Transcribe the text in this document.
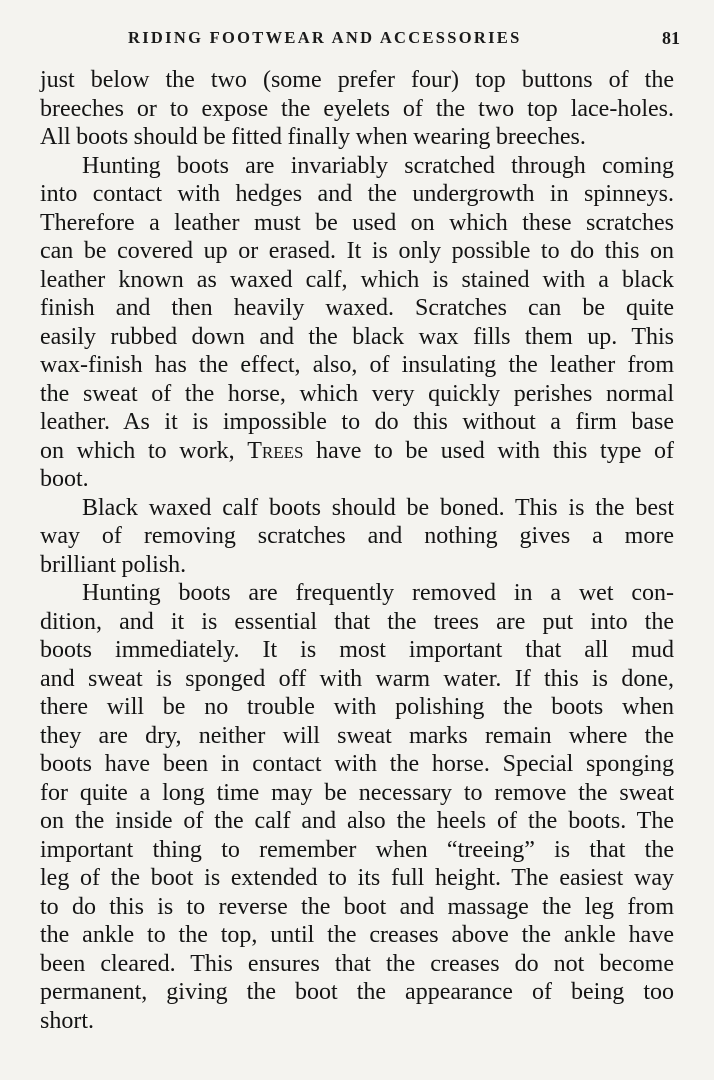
RIDING FOOTWEAR AND ACCESSORIES	81
just below the two (some prefer four) top buttons of the
breeches or to expose the eyelets of the two top lace-holes.
All boots should be fitted finally when wearing breeches.
Hunting boots are invariably scratched through coming
into contact with hedges and the undergrowth in spinneys.
Therefore a leather must be used on which these scratches
can be covered up or erased. It is only possible to do this on
leather known as waxed calf, which is stained with a black
finish and then heavily waxed. Scratches can be quite
easily rubbed down and the black wax fills them up. This
wax-finish has the effect, also, of insulating the leather from
the sweat of the horse, which very quickly perishes normal
leather. As it is impossible to do this without a firm base
on which to work, Trees have to be used with this type of
boot.
Black waxed calf boots should be boned. This is the best
way of removing scratches and nothing gives a more
brilliant polish.
Hunting boots are frequently removed in a wet con-
dition, and it is essential that the trees are put into the
boots immediately. It is most important that all mud
and sweat is sponged off with warm water. If this is done,
there will be no trouble with polishing the boots when
they are dry, neither will sweat marks remain where the
boots have been in contact with the horse. Special sponging
for quite a long time may be necessary to remove the sweat
on the inside of the calf and also the heels of the boots. The
important thing to remember when “treeing” is that the
leg of the boot is extended to its full height. The easiest way
to do this is to reverse the boot and massage the leg from
the ankle to the top, until the creases above the ankle have
been cleared. This ensures that the creases do not become
permanent, giving the boot the appearance of being too
short.
